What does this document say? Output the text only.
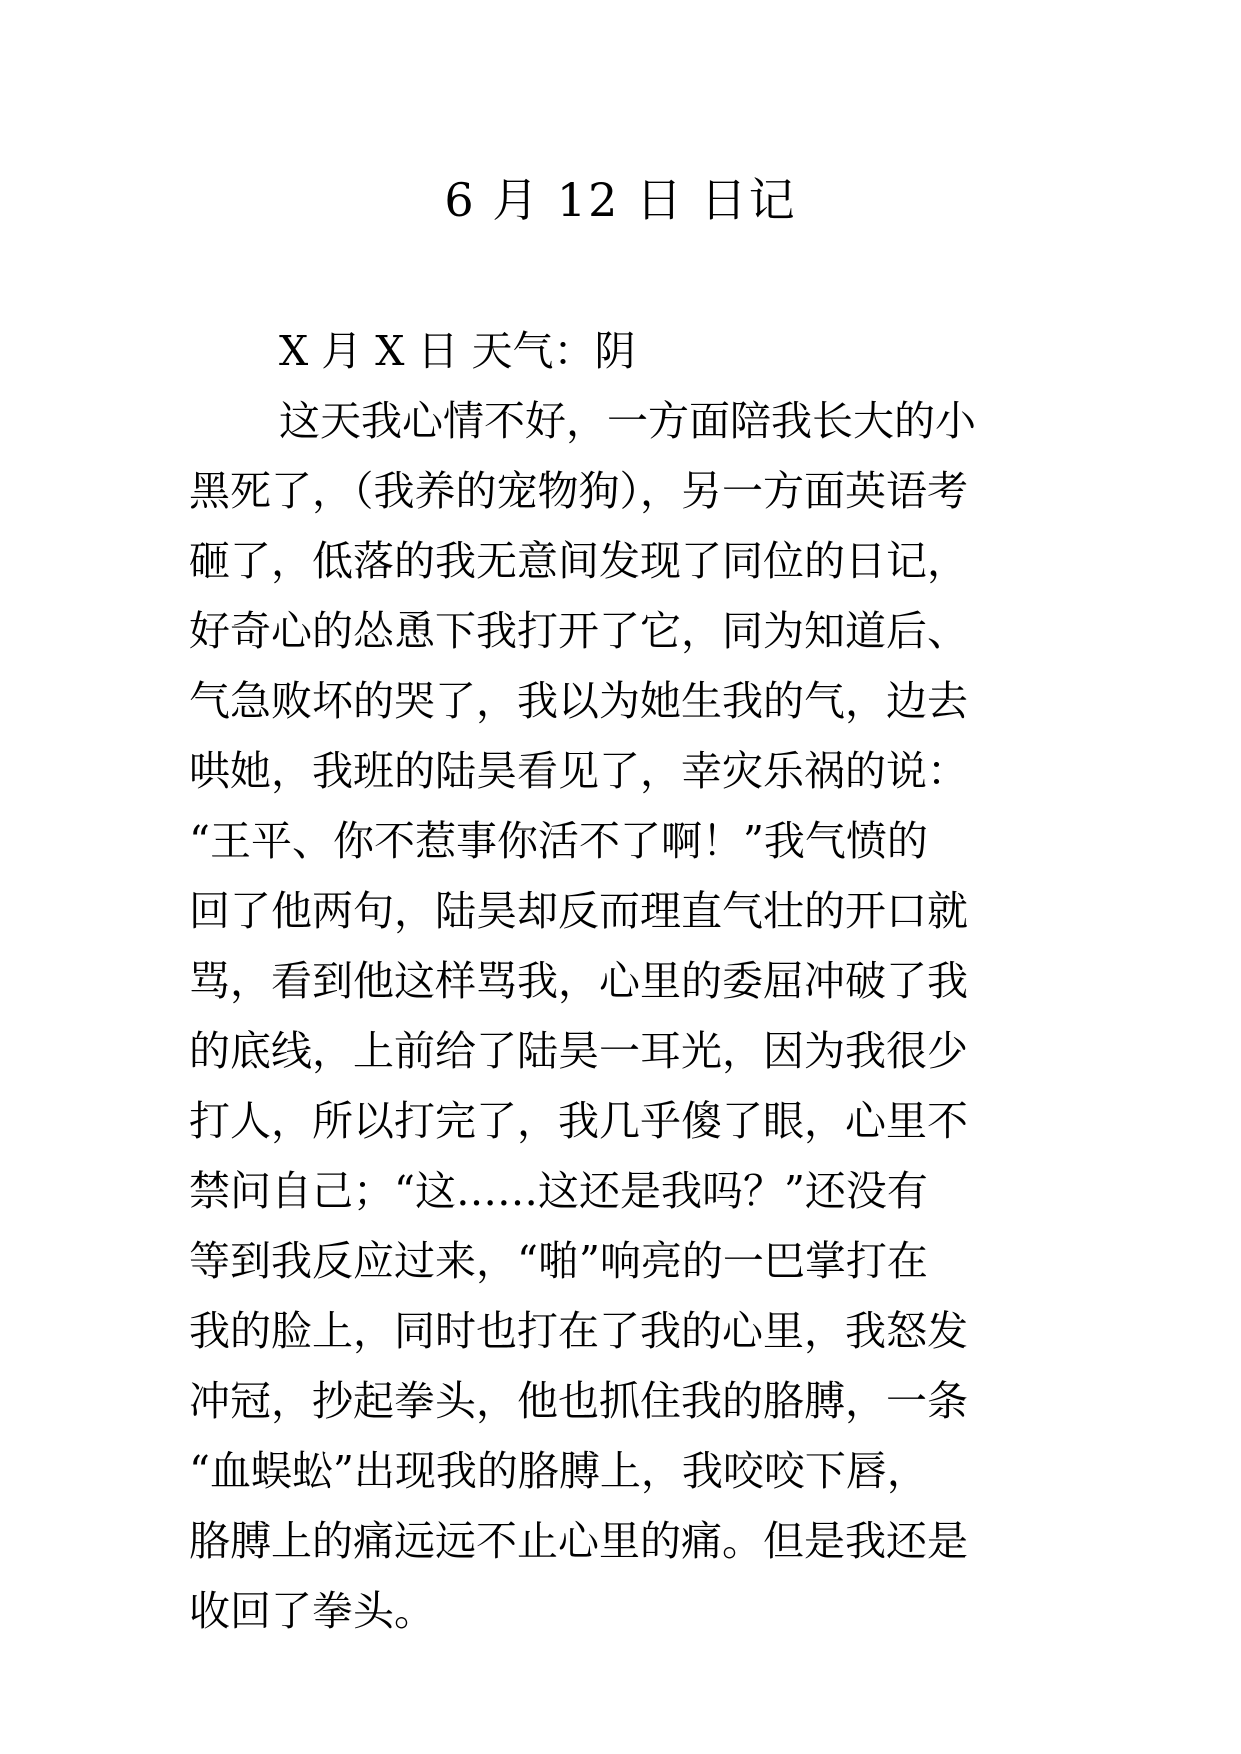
6 月 12 日 日记
X 月 X 日 天气：阴
这天我心情不好，一方面陪我长大的小
黑死了，（我养的宠物狗），另一方面英语考
砸了，低落的我无意间发现了同位的日记，
好奇心的怂恿下我打开了它，同为知道后、
气急败坏的哭了，我以为她生我的气，边去
哄她，我班的陆昊看见了，幸灾乐祸的说：
“王平、你不惹事你活不了啊！”我气愤的
回了他两句，陆昊却反而理直气壮的开口就
骂，看到他这样骂我，心里的委屈冲破了我
的底线，上前给了陆昊一耳光，因为我很少
打人，所以打完了，我几乎傻了眼，心里不
禁问自己；“这……这还是我吗？”还没有
等到我反应过来，“啪”响亮的一巴掌打在
我的脸上，同时也打在了我的心里，我怒发
冲冠，抄起拳头，他也抓住我的胳膊，一条
“血蜈蚣”出现我的胳膊上，我咬咬下唇，
胳膊上的痛远远不止心里的痛。但是我还是
收回了拳头。
